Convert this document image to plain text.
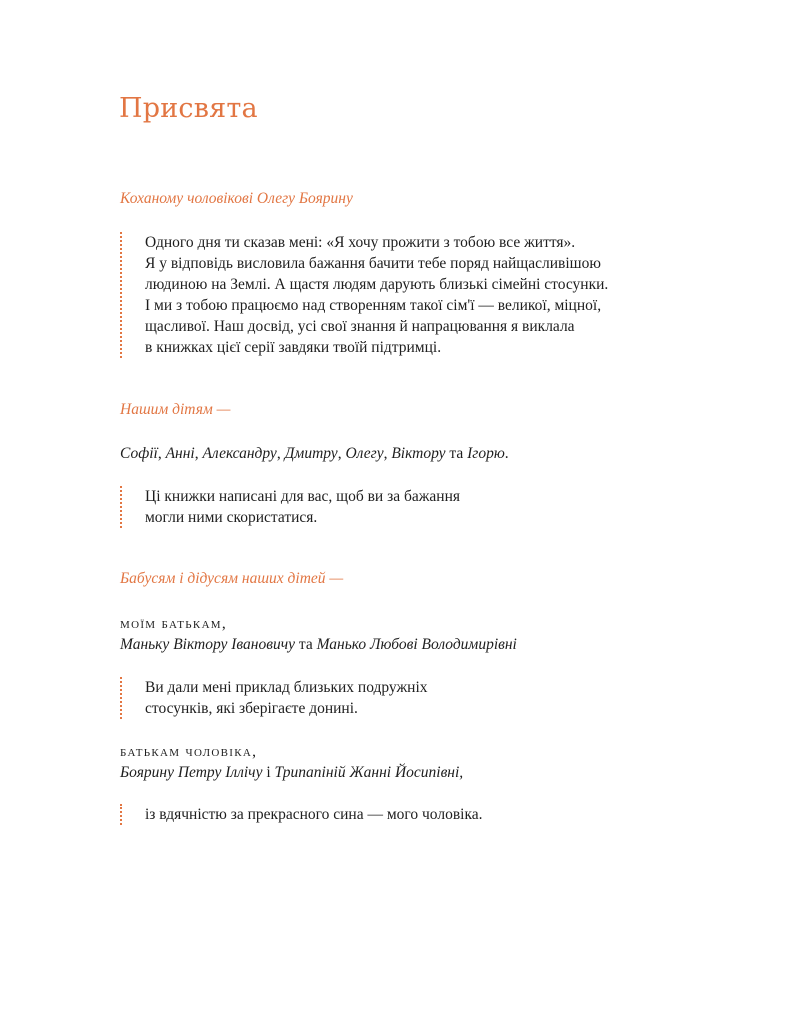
Присвята

Коханому чоловікові Олегу Боярину

Одного дня ти сказав мені: «Я хочу прожити з тобою все життя».

Я у відповідь висловила бажання бачити тебе поряд найщасливішою

людиною на Землі. А щастя людям дарують близькі сімейні стосунки.

І ми з тобою працюємо над створенням такої сім'ї — великої, міцної,

щасливої. Наш досвід, усі свої знання й напрацювання я виклала

в книжках цієї серії завдяки твоїй підтримці.

Нашим дітям —

Софії, Анні, Александру, Дмитру, Олегу, Віктору та Ігорю.

Ці книжки написані для вас, щоб ви за бажання

могли ними скористатися.

Бабусям і дідусям наших дітей —

моїм батькам,

Маньку Віктору Івановичу та Манько Любові Володимирівні

Ви дали мені приклад близьких подружніх

стосунків, які зберігаєте донині.

батькам чоловіка,

Боярину Петру Іллічу і Трипапіній Жанні Йосипівні,

із вдячністю за прекрасного сина — мого чоловіка.
